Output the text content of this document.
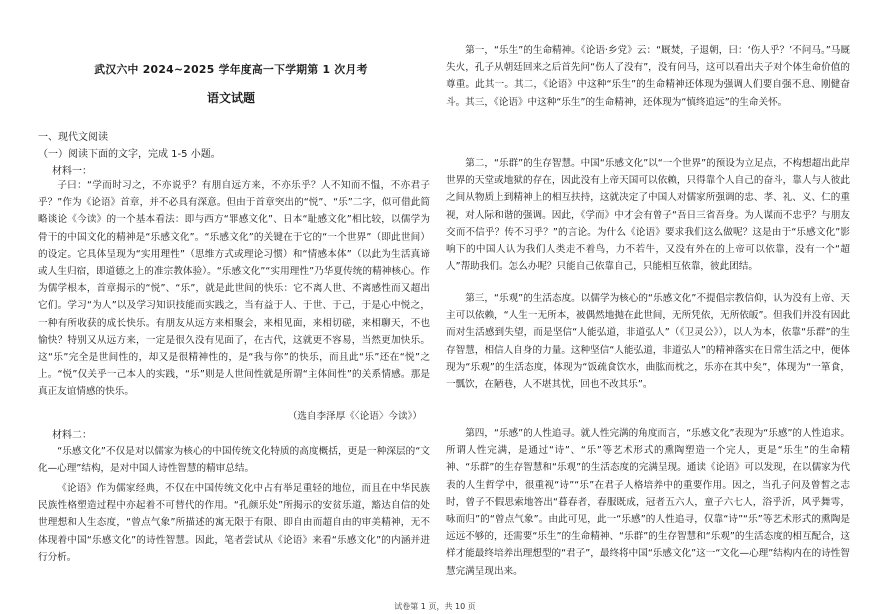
武汉六中 2024~2025 学年度高一下学期第 1 次月考

语文试题

一、现代文阅读

（一）阅读下面的文字，完成 1-5 小题。

材料一：

子曰：“学而时习之，不亦说乎？有朋自远方来，不亦乐乎？人不知而不愠，不亦君子乎？”作为《论语》首章，并不必具有深意。但由于首章突出的“悦”、“乐”二字，似可借此简略谈论《今读》的一个基本看法：即与西方“罪感文化”、日本“耻感文化”相比较，以儒学为骨干的中国文化的精神是“乐感文化”。“乐感文化”的关键在于它的“一个世界”（即此世间）的设定。它具体呈现为“实用理性”（思维方式或理论习惯）和“情感本体”（以此为生活真谛或人生归宿，即道德之上的准宗教体验）。“乐感文化”“实用理性”乃华夏传统的精神核心。作为儒学根本，首章揭示的“悦”、“乐”，就是此世间的快乐：它不离人世、不离感性而又超出它们。学习“为人”以及学习知识技能而实践之，当有益于人、于世、于己，于是心中悦之，一种有所收获的成长快乐。有朋友从远方来相聚会，来相见面，来相切磋，来相聊天，不也愉快？特别又从远方来，一定是很久没有见面了，在古代，这就更不容易，当然更加快乐。这“乐”完全是世间性的，却又是很精神性的，是“我与你”的快乐，而且此“乐”还在“悦”之上。“悦”仅关乎一己本人的实践，“乐”则是人世间性就是所谓“主体间性”的关系情感。那是真正友谊情感的快乐。

（选自李泽厚《〈论语〉今读》）

材料二：

“乐感文化”不仅是对以儒家为核心的中国传统文化特质的高度概括，更是一种深层的“文化—心理”结构，是对中国人诗性智慧的精审总结。

《论语》作为儒家经典，不仅在中国传统文化中占有举足重轻的地位，而且在中华民族民族性格塑造过程中亦起着不可替代的作用。“孔颜乐处”所揭示的安贫乐道，豁达自信的处世理想和人生态度，“曾点气象”所描述的寓无限于有限、即自由而超自由的审美精神，无不体现着中国“乐感文化”的诗性智慧。因此，笔者尝试从《论语》来看“乐感文化”的内涵并进行分析。

第一，“乐生”的生命精神。《论语·乡党》云：“厩焚，子退朝，曰：‘伤人乎？’不问马。”马厩失火，孔子从朝廷回来之后首先问“伤人了没有”，没有问马，这可以看出夫子对个体生命价值的尊重。此其一。其二，《论语》中这种“乐生”的生命精神还体现为强调人们要自强不息、刚健奋斗。其三，《论语》中这种“乐生”的生命精神，还体现为“慎终追远”的生命关怀。

第二，“乐群”的生存智慧。中国“乐感文化”以“一个世界”的预设为立足点，不构想超出此岸世界的天堂或地狱的存在，因此没有上帝天国可以依赖，只得靠个人自己的奋斗，靠人与人彼此之间从物质上到精神上的相互扶持，这就决定了中国人对儒家所强调的忠、孝、礼、义、仁的重视，对人际和谐的强调。因此，《学而》中才会有曾子“吾日三省吾身。为人谋而不忠乎？与朋友交而不信乎？传不习乎？”的言论。为什么《论语》要求我们这么做呢？这是由于“乐感文化”影响下的中国人认为我们人类走不着鸟，力不若牛，又没有外在的上帝可以依靠，没有一个“超人”帮助我们。怎么办呢？只能自己依靠自己，只能相互依靠，彼此团结。

第三，“乐观”的生活态度。以儒学为核心的“乐感文化”不提倡宗教信仰，认为没有上帝、天主可以依赖，“人生一无所本，被偶然地抛在此世间，无所凭依，无所依皈”。但我们并没有因此而对生活感到失望，而是坚信“人能弘道，非道弘人”（《卫灵公》），以人为本，依靠“乐群”的生存智慧，相信人自身的力量。这种坚信“人能弘道，非道弘人”的精神落实在日常生活之中，便体现为“乐观”的生活态度，体现为“饭疏食饮水，曲肱而枕之，乐亦在其中矣”，体现为“一箪食，一瓢饮，在陋巷，人不堪其忧，回也不改其乐”。

第四，“乐感”的人性追寻。就人性完满的角度而言，“乐感文化”表现为“乐感”的人性追求。所谓人性完满，是通过“诗”、“乐”等艺术形式的熏陶塑造一个完人，更是“乐生”的生命精神、“乐群”的生存智慧和“乐观”的生活态度的完满呈现。通读《论语》可以发现，在以儒家为代表的人生哲学中，很重视“诗”“乐”在君子人格培养中的重要作用。因之，当孔子问及曾皙之志时，曾子不假思索地答出“暮春者，春服既成，冠者五六人，童子六七人，浴乎沂，风乎舞雩，咏而归”的“曾点气象”。由此可见，此一“乐感”的人性追寻，仅靠“诗”“乐”等艺术形式的熏陶是远远不够的，还需要“乐生”的生命精神、“乐群”的生存智慧和“乐观”的生活态度的相互配合，这样才能最终培养出理想型的“君子”，最终将中国“乐感文化”这一“文化—心理”结构内在的诗性智慧完满呈现出来。

试卷第 1 页，共 10 页
